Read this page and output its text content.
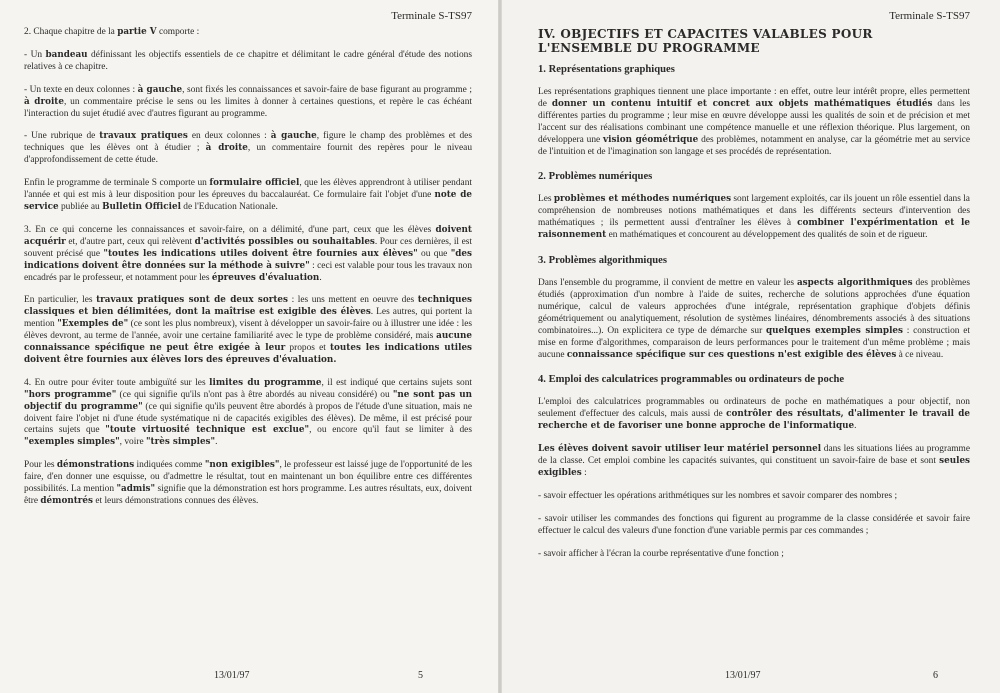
Terminale S-TS97

2. Chaque chapitre de la partie V comporte :

- Un bandeau définissant les objectifs essentiels de ce chapitre et délimitant le cadre général d'étude des notions relatives à ce chapitre.

- Un texte en deux colonnes : à gauche, sont fixés les connaissances et savoir-faire de base figurant au programme ; à droite, un commentaire précise le sens ou les limites à donner à certaines questions, et repère le cas échéant l'interaction du sujet étudié avec d'autres figurant au programme.

- Une rubrique de travaux pratiques en deux colonnes : à gauche, figure le champ des problèmes et des techniques que les élèves ont à étudier ; à droite, un commentaire fournit des repères pour le niveau d'approfondissement de cette étude.

Enfin le programme de terminale S comporte un formulaire officiel, que les élèves apprendront à utiliser pendant l'année et qui est mis à leur disposition pour les épreuves du baccalauréat. Ce formulaire fait l'objet d'une note de service publiée au Bulletin Officiel de l'Education Nationale.

3. En ce qui concerne les connaissances et savoir-faire, on a délimité, d'une part, ceux que les élèves doivent acquérir et, d'autre part, ceux qui relèvent d'activités possibles ou souhaitables. Pour ces dernières, il est souvent précisé que "toutes les indications utiles doivent être fournies aux élèves" ou que "des indications doivent être données sur la méthode à suivre" : ceci est valable pour tous les travaux non encadrés par le professeur, et notamment pour les épreuves d'évaluation.

En particulier, les travaux pratiques sont de deux sortes : les uns mettent en oeuvre des techniques classiques et bien délimitées, dont la maîtrise est exigible des élèves. Les autres, qui portent la mention "Exemples de" (ce sont les plus nombreux), visent à développer un savoir-faire ou à illustrer une idée : les élèves devront, au terme de l'année, avoir une certaine familiarité avec le type de problème considéré, mais aucune connaissance spécifique ne peut être exigée à leur propos et toutes les indications utiles doivent être fournies aux élèves lors des épreuves d'évaluation.

4. En outre pour éviter toute ambiguïté sur les limites du programme, il est indiqué que certains sujets sont "hors programme" (ce qui signifie qu'ils n'ont pas à être abordés au niveau considéré) ou "ne sont pas un objectif du programme" (ce qui signifie qu'ils peuvent être abordés à propos de l'étude d'une situation, mais ne doivent faire l'objet ni d'une étude systématique ni de capacités exigibles des élèves). De même, il est précisé pour certains sujets que "toute virtuosité technique est exclue", ou encore qu'il faut se limiter à des "exemples simples", voire "très simples".

Pour les démonstrations indiquées comme "non exigibles", le professeur est laissé juge de l'opportunité de les faire, d'en donner une esquisse, ou d'admettre le résultat, tout en maintenant un bon équilibre entre ces différentes possibilités. La mention "admis" signifie que la démonstration est hors programme. Les autres résultats, eux, doivent être démontrés et leurs démonstrations connues des élèves.

13/01/97	5
Terminale S-TS97
IV. OBJECTIFS ET CAPACITES VALABLES POUR L'ENSEMBLE DU PROGRAMME
1. Représentations graphiques

Les représentations graphiques tiennent une place importante : en effet, outre leur intérêt propre, elles permettent de donner un contenu intuitif et concret aux objets mathématiques étudiés dans les différentes parties du programme ; leur mise en œuvre développe aussi les qualités de soin et de précision et met l'accent sur des réalisations combinant une compétence manuelle et une réflexion théorique. Plus largement, on développera une vision géométrique des problèmes, notamment en analyse, car la géométrie met au service de l'intuition et de l'imagination son langage et ses procédés de représentation.

2. Problèmes numériques

Les problèmes et méthodes numériques sont largement exploités, car ils jouent un rôle essentiel dans la compréhension de nombreuses notions mathématiques et dans les différents secteurs d'intervention des mathématiques ; ils permettent aussi d'entraîner les élèves à combiner l'expérimentation et le raisonnement en mathématiques et concourent au développement des qualités de soin et de rigueur.

3. Problèmes algorithmiques

Dans l'ensemble du programme, il convient de mettre en valeur les aspects algorithmiques des problèmes étudiés (approximation d'un nombre à l'aide de suites, recherche de solutions approchées d'une équation numérique, calcul de valeurs approchées d'une intégrale, représentation graphique d'objets définis géométriquement ou analytiquement, résolution de systèmes linéaires, dénombrements associés à des situations combinatoires...). On explicitera ce type de démarche sur quelques exemples simples : construction et mise en forme d'algorithmes, comparaison de leurs performances pour le traitement d'un même problème ; mais aucune connaissance spécifique sur ces questions n'est exigible des élèves à ce niveau.

4. Emploi des calculatrices programmables ou ordinateurs de poche

L'emploi des calculatrices programmables ou ordinateurs de poche en mathématiques a pour objectif, non seulement d'effectuer des calculs, mais aussi de contrôler des résultats, d'alimenter le travail de recherche et de favoriser une bonne approche de l'informatique.

Les élèves doivent savoir utiliser leur matériel personnel dans les situations liées au programme de la classe. Cet emploi combine les capacités suivantes, qui constituent un savoir-faire de base et sont seules exigibles :

- savoir effectuer les opérations arithmétiques sur les nombres et savoir comparer des nombres ;

- savoir utiliser les commandes des fonctions qui figurent au programme de la classe considérée et savoir faire effectuer le calcul des valeurs d'une fonction d'une variable permis par ces commandes ;

- savoir afficher à l'écran la courbe représentative d'une fonction ;

13/01/97	6
